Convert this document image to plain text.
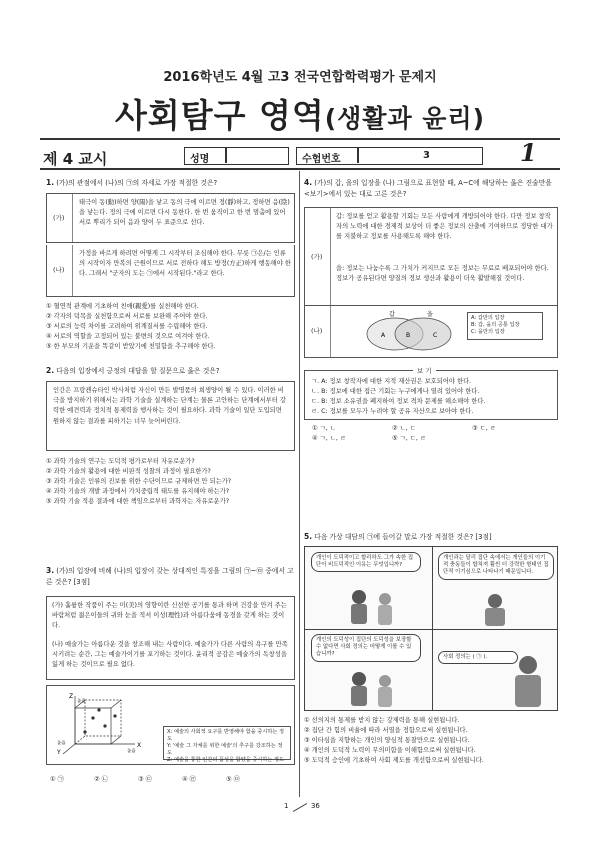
2016학년도 4월 고3 전국연합학력평가 문제지
사회탐구 영역(생활과 윤리)
제 4 교시	성명	수험번호	3	1
1. (가)의 관점에서 (나)의 ㉠의 자세로 가장 적절한 것은?
(가)
태극이 동(動)하면 양(陽)을 낳고 동의 극에 이르면 정(靜)하고, 정하면 음(陰)을 낳는다. 정의 극에 이르면 다시 동한다. 한 번 움직이고 한 번 멈춤에 있어 서로 뿌리가 되어 음과 양이 두 표준으로 선다.
(나)
가정을 바르게 하려면 어떻게 그 시작부터 조심해야 한다. 무릇 ㉠은/는 인류의 시작이자 만복의 근원이므로 서로 전하다 해도 방정(方正)하게 행동해야 한다. 그래서 "군자의 도는 ㉠에서 시작된다."라고 한다.
① 혈연적 관계에 기초하여 친애(親愛)를 실천해야 한다.
② 각자의 덕목을 실천함으로써 서로를 보완해 주어야 한다.
③ 서로의 능력 차이를 고려하여 위계질서를 수립해야 한다.
④ 서로의 역할을 고정되어 있는 불변의 것으로 여겨야 한다.
⑤ 한 부모의 기운을 똑같이 받았기에 친밀함을 추구해야 한다.
2. 다음의 입장에서 긍정의 대답을 할 질문으로 옳은 것은?
인간은 프랑켄슈타인 박사처럼 자신이 만든 발명품의 희생양이 될 수 있다. 이러한 비극을 방지하기 위해서는 과학 기술을 설계하는 단계는 물론 고안하는 단계에서부터 강력한 예견력과 정치적 통제력을 행사하는 것이 필요하다. 과학 기술이 일단 도입되면 원하지 않는 결과를 피하기는 너무 늦어버린다.
① 과학 기술의 연구는 도덕적 평가로부터 자유로운가?
② 과학 기술의 활용에 대한 비판적 성찰의 과정이 필요한가?
③ 과학 기술은 인류의 진보를 위한 수단이므로 규제하면 안 되는가?
④ 과학 기술의 개발 과정에서 가치중립적 태도를 유지해야 하는가?
⑤ 과학 기술 적용 결과에 대한 책임으로부터 과학자는 자유로운가?
3. (가)의 입장에 비해 (나)의 입장이 갖는 상대적인 특징을 그림의 ㉠~㉤ 중에서 고른 것은? [3점]
(가) 훌륭한 작품이 주는 미(美)의 영향이란 신선한 공기를 통과 하며 건강을 안겨 주는 바람처럼 젊은이들의 귀와 눈을 적셔 이성(理性)과 아름다움에 동경을 갖게 하는 것이다.
(나) 예술가는 아름다운 것을 창조해 내는 사람이다. 예술가가 다른 사람의 욕구를 만족시키려는 순간, 그는 예술가이기를 포기하는 것이다. 윤리적 공감은 예술가의 독창성을 잃게 하는 것이므로 필요 없다.
Z
Y
X
높음
높음
높음
X: 예술의 사회적 요구를 반영해야 함을 중시하는 정도
Y: '예술 그 자체를 위한 예술'의 추구를 강조하는 정도
Z: 예술을 통한 인간의 품성을 함양을 중시하는 정도
① ㉠	② ㉡	③ ㉢	④ ㉣	⑤ ㉤
4. (가)의 갑, 을의 입장을 (나) 그림으로 표현할 때, A~C에 해당하는 옳은 진술만을 <보기>에서 있는 대로 고른 것은?
(가)
갑: 정보를 얻고 활용할 기회는 모든 사람에게 개방되어야 한다. 다만 정보 창작자의 노력에 대한 경제적 보상이 더 좋은 정보의 산출에 기여하므로 정당한 대가를 지불하고 정보를 사용해도록 해야 한다.
을: 정보는 나눔수록 그 가치가 커지므로 모든 정보는 무료로 배포되어야 한다. 정보가 공유된다면 양질의 정보 생산과 활용이 더욱 활발해질 것이다.
(나)
갑	을
A	B	C
A: 갑만의 입장
B: 갑, 을의 공통 입장
C: 을만의 입장
보 기
ㄱ. A: 정보 창작자에 대한 지적 재산권은 보호되어야 한다.
ㄴ. B: 정보에 대한 접근 기회는 누구에게나 열려 있어야 한다.
ㄷ. B: 정보 소유권을 폐지하여 정보 격차 문제를 해소해야 한다.
ㄹ. C: 정보를 모두가 누려야 할 공유 자산으로 보아야 한다.
① ㄱ, ㄴ	② ㄴ, ㄷ	③ ㄷ, ㄹ
④ ㄱ, ㄴ, ㄹ	⑤ ㄱ, ㄷ, ㄹ
5. 다음 가상 대담의 ㉠에 들어갈 말로 가장 적절한 것은? [3점]
개인이 도덕적이고 합리하도 그가 속한 집단이 비도덕적인 이유는 무엇입니까?
개인과는 달리 집단 속에서는 개인들의 이기적 충동들이 합쳐져 훨씬 더 강력한 형태인 집단적 이기심으로 나타나기 때문입니다.
개인의 도덕성이 집단의 도덕성을 보장할 수 없다면 사회 정의는 어떻게 이룰 수 있습니까?	사회 정의는 ( ㉠ ).
① 선의지의 통제를 받지 않는 강제력을 통해 실현됩니다.
② 집단 간 힘의 비율에 따라 서열을 정함으로써 실현됩니다.
③ 이타심을 지향하는 개인의 양심적 통찰만으로 실현됩니다.
④ 개인의 도덕적 노력이 무의미함을 이해함으로써 실현됩니다.
⑤ 도덕적 승인에 기초하여 사회 제도를 개선함으로써 실현됩니다.
1	36
